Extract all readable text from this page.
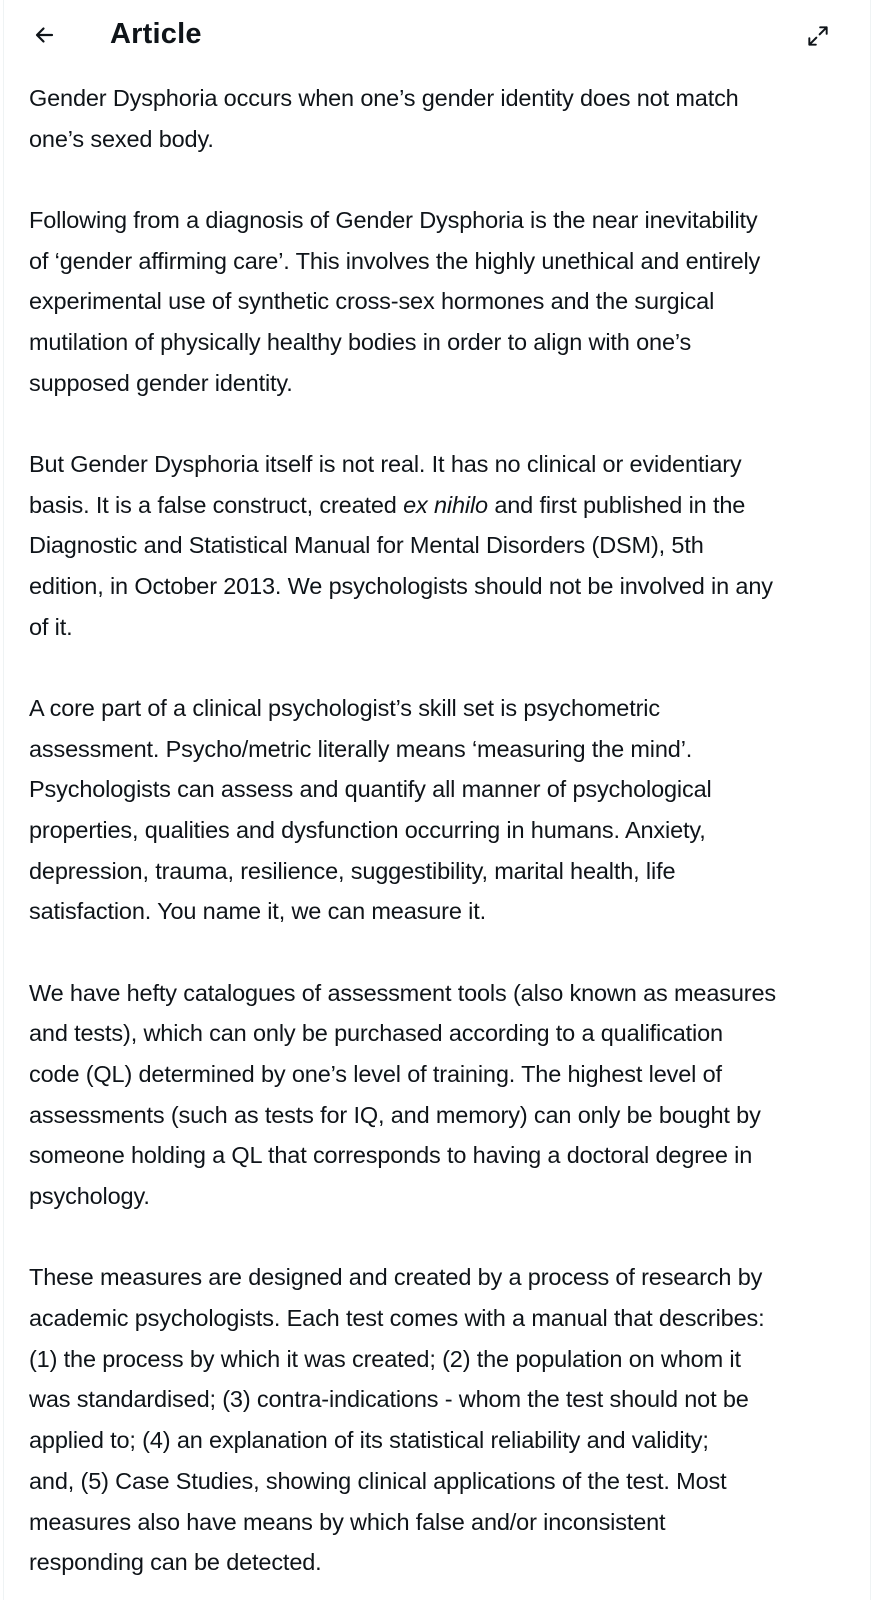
Article

Gender Dysphoria occurs when one’s gender identity does not match
one’s sexed body.

Following from a diagnosis of Gender Dysphoria is the near inevitability
of ‘gender affirming care’. This involves the highly unethical and entirely
experimental use of synthetic cross-sex hormones and the surgical
mutilation of physically healthy bodies in order to align with one’s
supposed gender identity.

But Gender Dysphoria itself is not real. It has no clinical or evidentiary
basis. It is a false construct, created ex nihilo and first published in the
Diagnostic and Statistical Manual for Mental Disorders (DSM), 5th
edition, in October 2013. We psychologists should not be involved in any
of it.

A core part of a clinical psychologist’s skill set is psychometric
assessment. Psycho/metric literally means ‘measuring the mind’.
Psychologists can assess and quantify all manner of psychological
properties, qualities and dysfunction occurring in humans. Anxiety,
depression, trauma, resilience, suggestibility, marital health, life
satisfaction. You name it, we can measure it.

We have hefty catalogues of assessment tools (also known as measures
and tests), which can only be purchased according to a qualification
code (QL) determined by one’s level of training. The highest level of
assessments (such as tests for IQ, and memory) can only be bought by
someone holding a QL that corresponds to having a doctoral degree in
psychology.

These measures are designed and created by a process of research by
academic psychologists. Each test comes with a manual that describes:
(1) the process by which it was created; (2) the population on whom it
was standardised; (3) contra-indications - whom the test should not be
applied to; (4) an explanation of its statistical reliability and validity;
and, (5) Case Studies, showing clinical applications of the test. Most
measures also have means by which false and/or inconsistent
responding can be detected.
